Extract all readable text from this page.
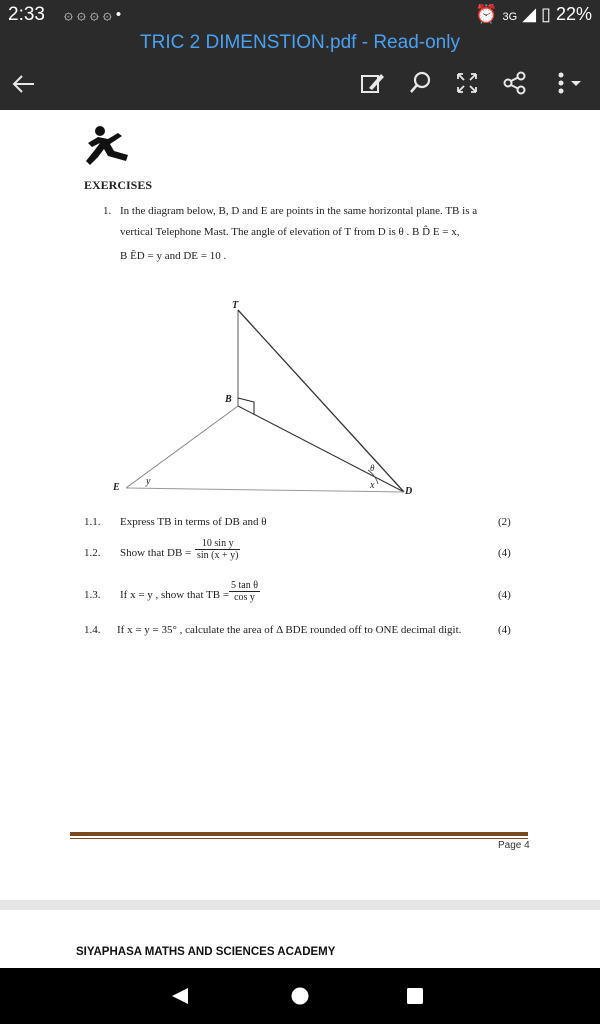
2:33 ۞ ۞ ۞ ۞ •	⏰ 3G ◢ ▯ 22%
TRIC 2 DIMENSTION.pdf - Read-only
EXERCISES
1. In the diagram below, B, D and E are points in the same horizontal plane. TB is a
vertical Telephone Mast. The angle of elevation of T from D is θ . B D̂ E = x,
B ÊD = y and DE = 10 .
T
B
E	D
x
y
θ
1.1. Express TB in terms of DB and θ	(2)
1.2. Show that DB = $\frac{\text{10 sin y}}{\sin (x + y)}$	(4)
1.3. If x = y , show that TB = $\frac{\text{5 tan θ}}{\text{cos y}}$	(4)
1.4. If x = y = 35° , calculate the area of Δ BDE rounded off to ONE decimal digit.	(4)
Page 4
SIYAPHASA MATHS AND SCIENCES ACADEMY
